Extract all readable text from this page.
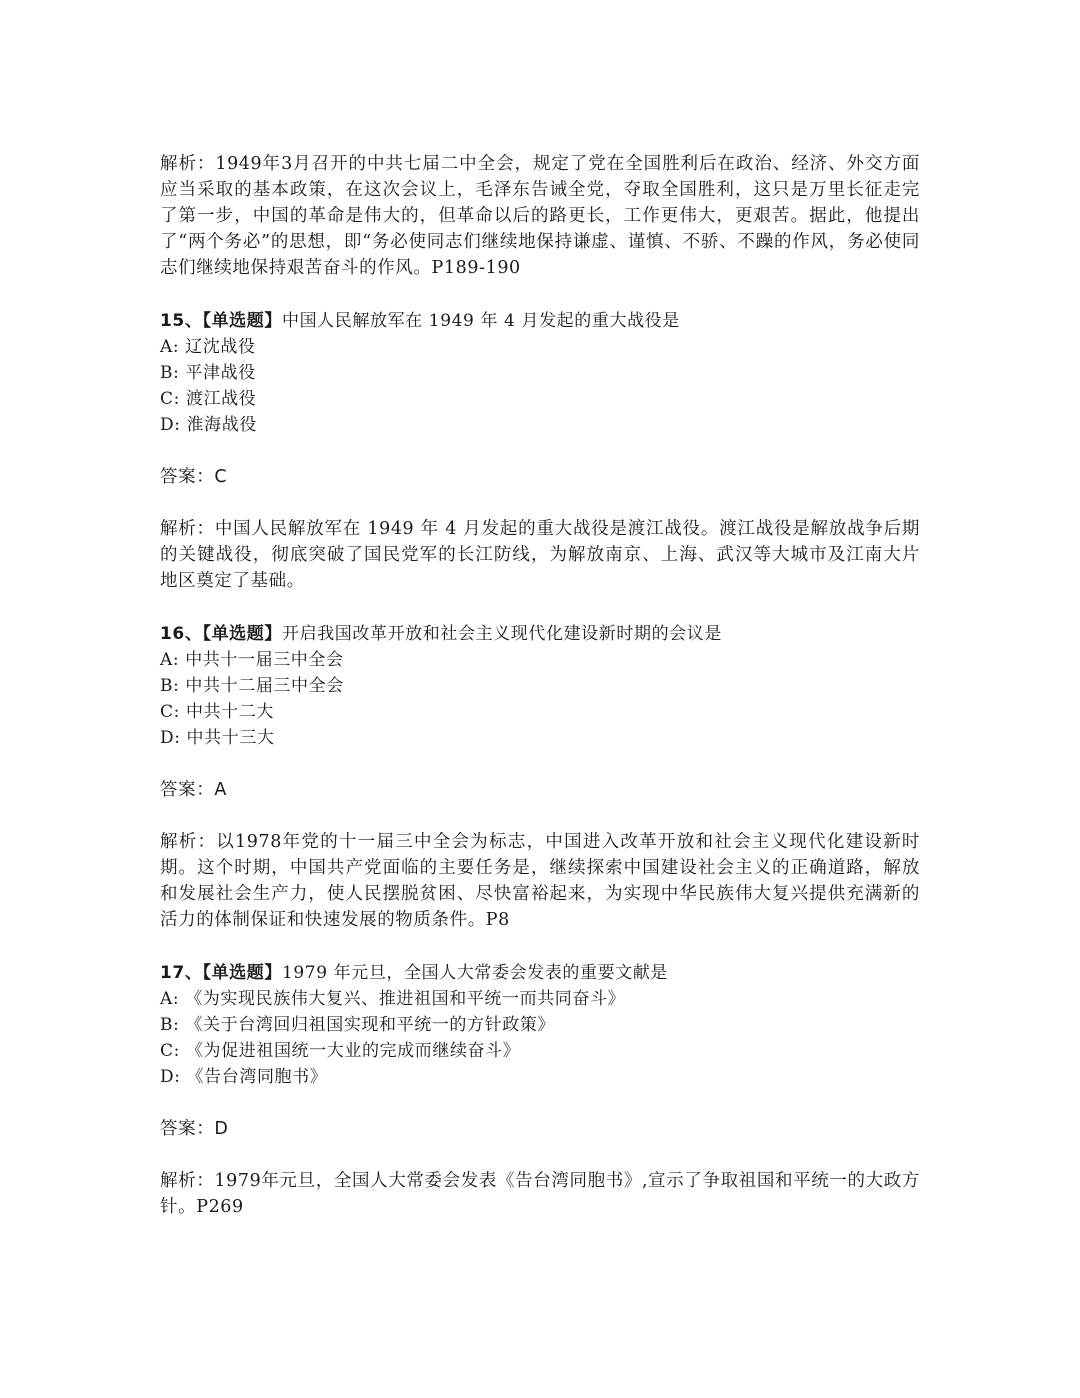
解析：1949年3月召开的中共七届二中全会，规定了党在全国胜利后在政治、经济、外交方面应当采取的基本政策，在这次会议上，毛泽东告诫全党，夺取全国胜利，这只是万里长征走完了第一步，中国的革命是伟大的，但革命以后的路更长，工作更伟大，更艰苦。据此，他提出了“两个务必”的思想，即“务必使同志们继续地保持谦虚、谨慎、不骄、不躁的作风，务必使同志们继续地保持艰苦奋斗的作风。P189-190

15、【单选题】中国人民解放军在 1949 年 4 月发起的重大战役是
A: 辽沈战役
B: 平津战役
C: 渡江战役
D: 淮海战役
答案：C

解析：中国人民解放军在 1949 年 4 月发起的重大战役是渡江战役。渡江战役是解放战争后期的关键战役，彻底突破了国民党军的长江防线，为解放南京、上海、武汉等大城市及江南大片地区奠定了基础。

16、【单选题】开启我国改革开放和社会主义现代化建设新时期的会议是
A: 中共十一届三中全会
B: 中共十二届三中全会
C: 中共十二大
D: 中共十三大
答案：A

解析：以1978年党的十一届三中全会为标志，中国进入改革开放和社会主义现代化建设新时期。这个时期，中国共产党面临的主要任务是，继续探索中国建设社会主义的正确道路，解放和发展社会生产力，使人民摆脱贫困、尽快富裕起来，为实现中华民族伟大复兴提供充满新的活力的体制保证和快速发展的物质条件。P8

17、【单选题】1979 年元旦，全国人大常委会发表的重要文献是
A: 《为实现民族伟大复兴、推进祖国和平统一而共同奋斗》
B: 《关于台湾回归祖国实现和平统一的方针政策》
C: 《为促进祖国统一大业的完成而继续奋斗》
D: 《告台湾同胞书》
答案：D

解析：1979年元旦，全国人大常委会发表《告台湾同胞书》,宣示了争取祖国和平统一的大政方针。P269
